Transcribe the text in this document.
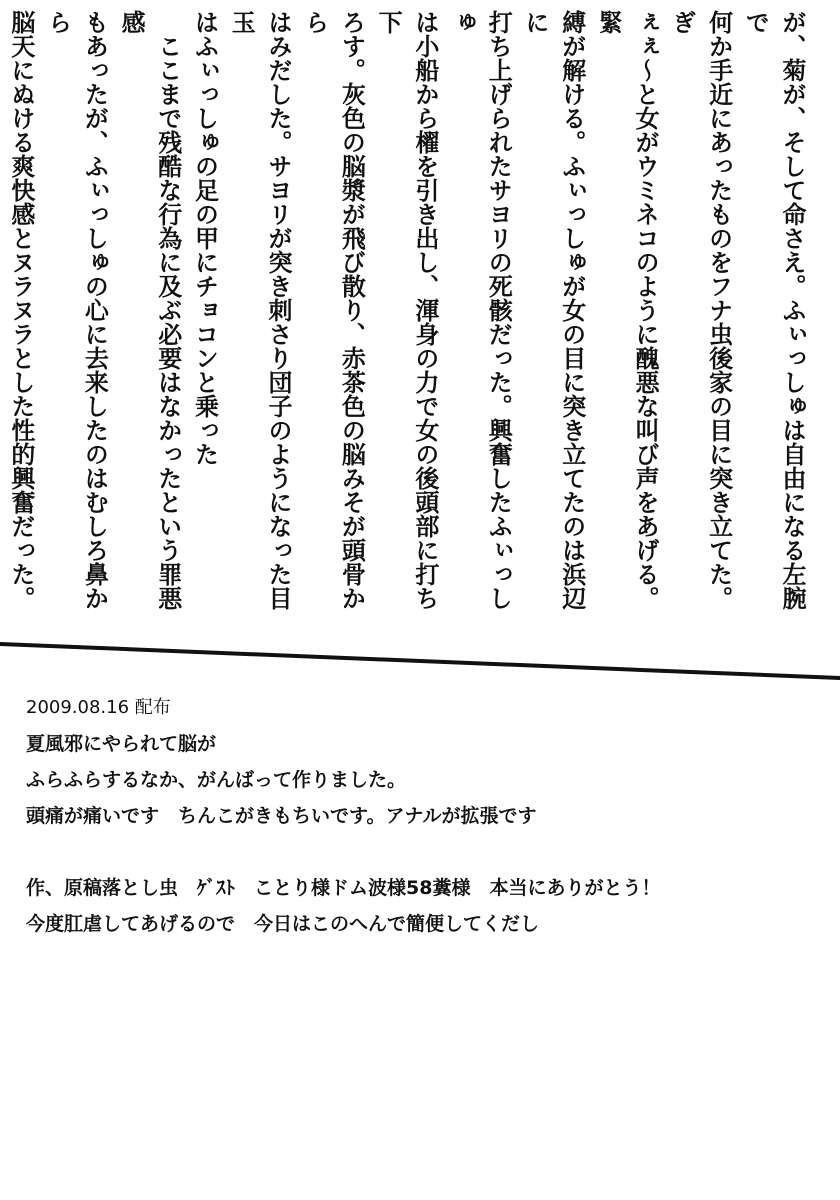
が、菊が、そして命さえ。ふぃっしゅは自由になる左腕で

何か手近にあったものをフナ虫後家の目に突き立てた。ぎ

ぇぇ〜と女がウミネコのように醜悪な叫び声をあげる。緊

縛が解ける。ふぃっしゅが女の目に突き立てたのは浜辺に

打ち上げられたサヨリの死骸だった。興奮したふぃっしゅ

は小船から櫂を引き出し、渾身の力で女の後頭部に打ち下

ろす。灰色の脳漿が飛び散り、赤茶色の脳みそが頭骨から

はみだした。サヨリが突き刺さり団子のようになった目玉

はふぃっしゅの足の甲にチョコンと乗った

　ここまで残酷な行為に及ぶ必要はなかったという罪悪感

もあったが、ふぃっしゅの心に去来したのはむしろ鼻から

脳天にぬける爽快感とヌラヌラとした性的興奮だった。

2009.08.16 配布
夏風邪にやられて脳が
ふらふらするなか、がんばって作りました。
頭痛が痛いです　ちんこがきもちいです。アナルが拡張です
作、原稿落とし虫　ｹﾞｽﾄ　ことり様ドム波様58糞様　本当にありがとう！
今度肛虐してあげるので　今日はこのへんで簡便してくだし
